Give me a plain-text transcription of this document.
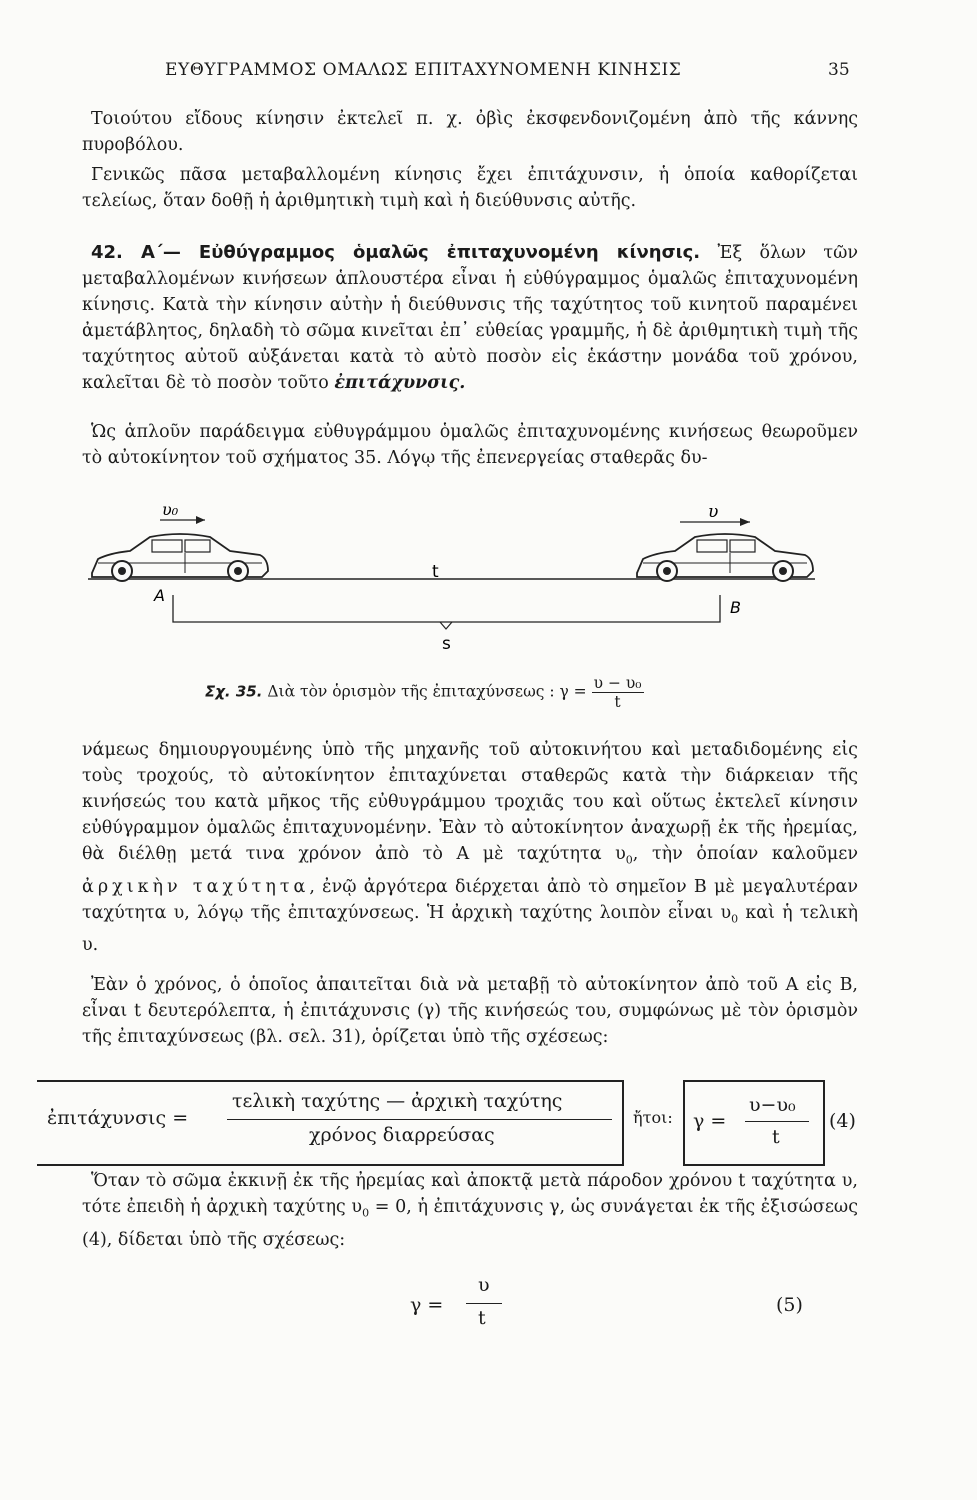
ΕΥΘΥΓΡΑΜΜΟΣ ΟΜΑΛΩΣ ΕΠΙΤΑΧΥΝΟΜΕΝΗ ΚΙΝΗΣΙΣ	35

Τοιούτου εἴδους κίνησιν ἐκτελεῖ π. χ. ὀβὶς ἐκσφενδονιζομένη ἀπὸ τῆς κάννης πυροβόλου.

Γενικῶς πᾶσα μεταβαλλομένη κίνησις ἔχει ἐπιτάχυνσιν, ἡ ὁποία καθορίζεται τελείως, ὅταν δοθῇ ἡ ἀριθμητικὴ τιμὴ καὶ ἡ διεύθυνσις αὐτῆς.

42. Α΄— Εὐθύγραμμος ὁμαλῶς ἐπιταχυνομένη κίνησις. Ἐξ ὅλων τῶν μεταβαλλομένων κινήσεων ἁπλουστέρα εἶναι ἡ εὐθύγραμμος ὁμαλῶς ἐπιταχυνομένη κίνησις. Κατὰ τὴν κίνησιν αὐτὴν ἡ διεύθυνσις τῆς ταχύτητος τοῦ κινητοῦ παραμένει ἀμετάβλητος, δηλαδὴ τὸ σῶμα κινεῖται ἐπ᾽ εὐθείας γραμμῆς, ἡ δὲ ἀριθμητικὴ τιμὴ τῆς ταχύτητος αὐτοῦ αὐξάνεται κατὰ τὸ αὐτὸ ποσὸν εἰς ἑκάστην μονάδα τοῦ χρόνου, καλεῖται δὲ τὸ ποσὸν τοῦτο ἐπιτάχυνσις.

Ὡς ἁπλοῦν παράδειγμα εὐθυγράμμου ὁμαλῶς ἐπιταχυνομένης κινήσεως θεωροῦμεν τὸ αὐτοκίνητον τοῦ σχήματος 35. Λόγῳ τῆς ἐπενεργείας σταθερᾶς δυ-

υ₀	υ
t
A
B
s
Σχ. 35. Διὰ τὸν ὁρισμὸν τῆς ἐπιταχύνσεως : $\gamma = \frac{\text{υ − υ₀}}{t}$

νάμεως δημιουργουμένης ὑπὸ τῆς μηχανῆς τοῦ αὐτοκινήτου καὶ μεταδιδομένης εἰς τοὺς τροχούς, τὸ αὐτοκίνητον ἐπιταχύνεται σταθερῶς κατὰ τὴν διάρκειαν τῆς κινήσεώς του κατὰ μῆκος τῆς εὐθυγράμμου τροχιᾶς του καὶ οὕτως ἐκτελεῖ κίνησιν εὐθύγραμμον ὁμαλῶς ἐπιταχυνομένην. Ἐὰν τὸ αὐτοκίνητον ἀναχωρῇ ἐκ τῆς ἠρεμίας, θὰ διέλθῃ μετά τινα χρόνον ἀπὸ τὸ Α μὲ ταχύτητα $\upsilon_0$, τὴν ὁποίαν καλοῦμεν ἀρχικὴν ταχύτητα, ἐνῷ ἀργότερα διέρχεται ἀπὸ τὸ σημεῖον Β μὲ μεγαλυτέραν ταχύτητα υ, λόγῳ τῆς ἐπιταχύνσεως. Ἡ ἀρχικὴ ταχύτης λοιπὸν εἶναι $\upsilon_0$ καὶ ἡ τελικὴ υ.

Ἐὰν ὁ χρόνος, ὁ ὁποῖος ἀπαιτεῖται διὰ νὰ μεταβῇ τὸ αὐτοκίνητον ἀπὸ τοῦ Α εἰς Β, εἶναι t δευτερόλεπτα, ἡ ἐπιτάχυνσις (γ) τῆς κινήσεώς του, συμφώνως μὲ τὸν ὁρισμὸν τῆς ἐπιταχύνσεως (βλ. σελ. 31), ὁρίζεται ὑπὸ τῆς σχέσεως:

ἐπιτάχυνσις =
τελικὴ ταχύτης — ἀρχικὴ ταχύτης
χρόνος διαρρεύσας
ἤτοι: γ =
υ−υ₀
t
(4)

Ὅταν τὸ σῶμα ἐκκινῇ ἐκ τῆς ἠρεμίας καὶ ἀποκτᾷ μετὰ πάροδον χρόνου t ταχύτητα υ, τότε ἐπειδὴ ἡ ἀρχικὴ ταχύτης $\upsilon_0 = 0$, ἡ ἐπιτάχυνσις γ, ὡς συνάγεται ἐκ τῆς ἐξισώσεως (4), δίδεται ὑπὸ τῆς σχέσεως:

γ =
υ
t
(5)
